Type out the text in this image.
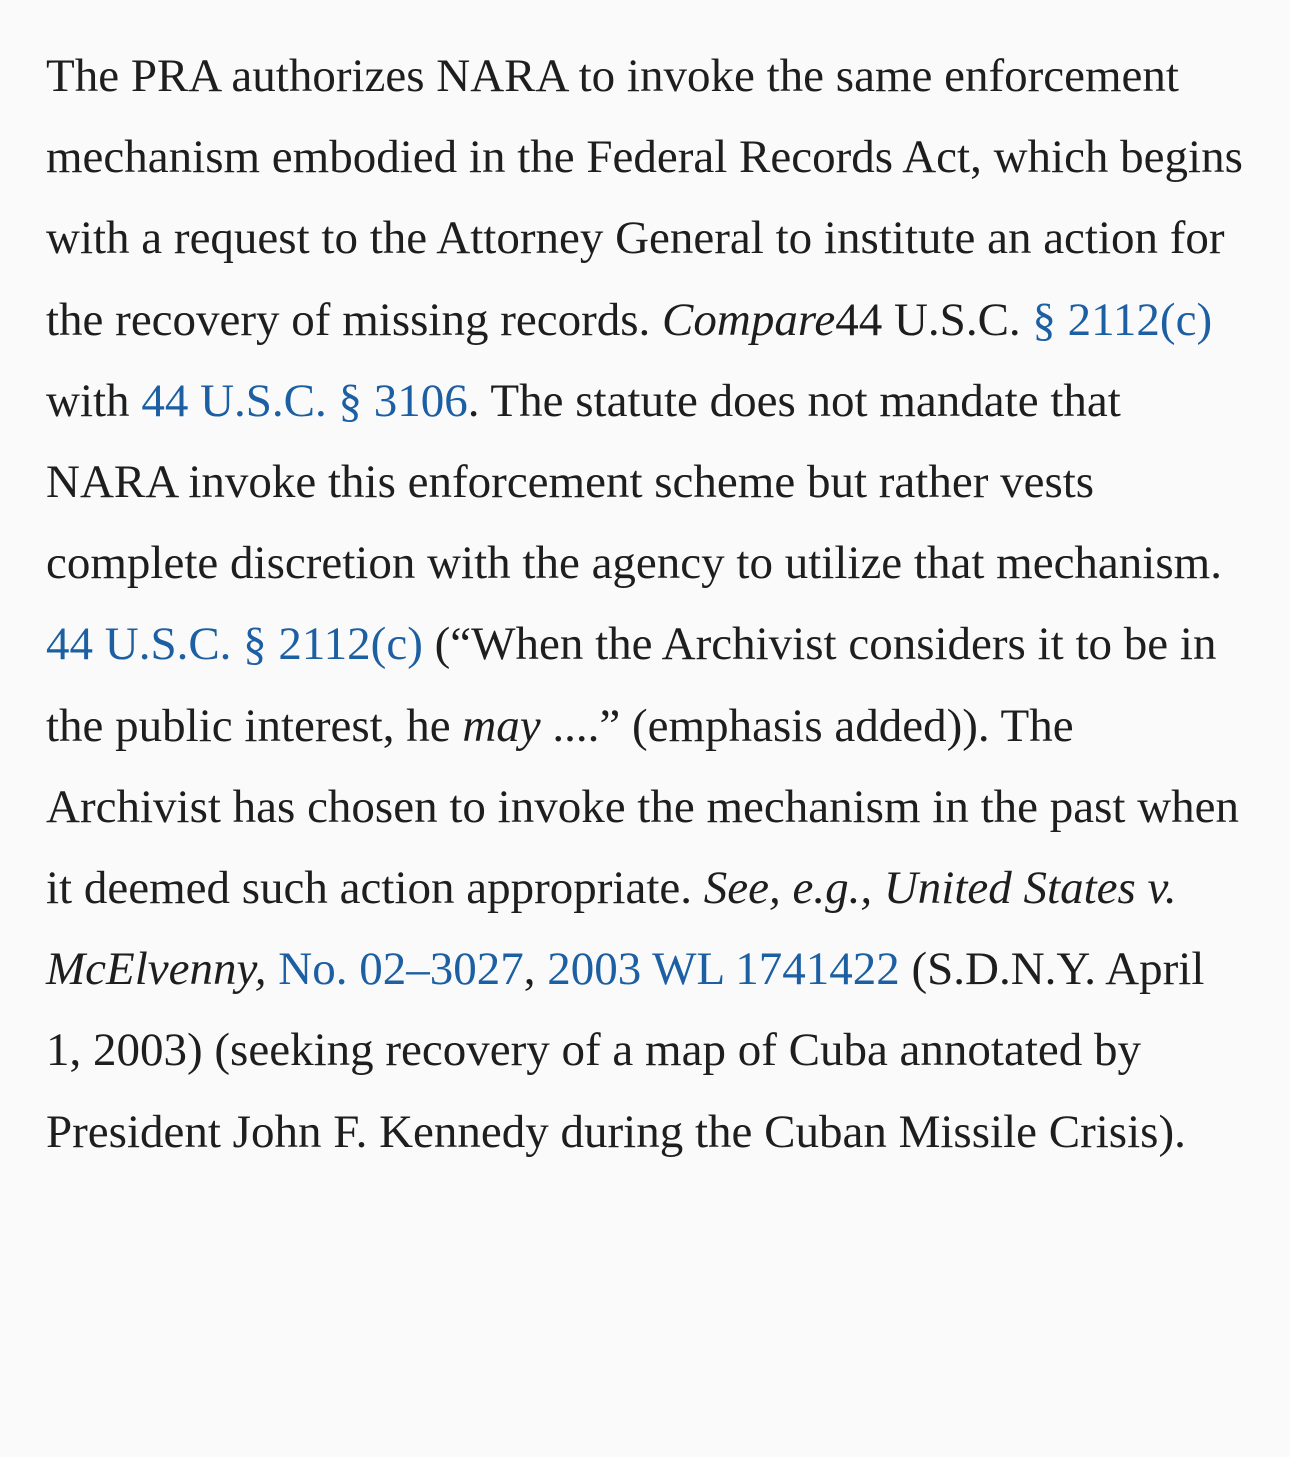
The PRA authorizes NARA to invoke the same enforcement mechanism embodied in the Federal Records Act, which begins with a request to the Attorney General to institute an action for the recovery of missing records. Compare44 U.S.C. § 2112(c) with 44 U.S.C. § 3106. The statute does not mandate that NARA invoke this enforcement scheme but rather vests complete discretion with the agency to utilize that mechanism. 44 U.S.C. § 2112(c) (“When the Archivist considers it to be in the public interest, he may ....” (emphasis added)). The Archivist has chosen to invoke the mechanism in the past when it deemed such action appropriate. See, e.g., United States v. McElvenny, No. 02–3027, 2003 WL 1741422 (S.D.N.Y. April 1, 2003) (seeking recovery of a map of Cuba annotated by President John F. Kennedy during the Cuban Missile Crisis).
